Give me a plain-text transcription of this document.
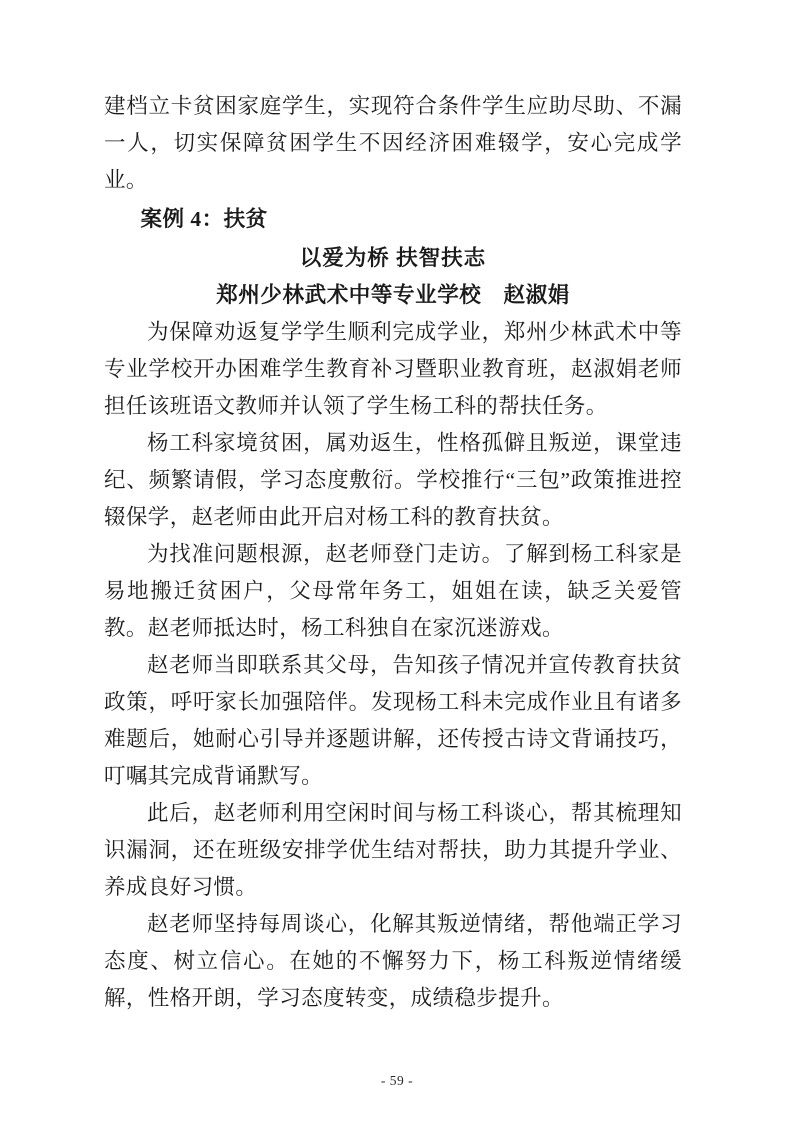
建档立卡贫困家庭学生，实现符合条件学生应助尽助、不漏一人，切实保障贫困学生不因经济困难辍学，安心完成学业。

案例 4：扶贫

以爱为桥 扶智扶志

郑州少林武术中等专业学校　赵淑娟

为保障劝返复学学生顺利完成学业，郑州少林武术中等专业学校开办困难学生教育补习暨职业教育班，赵淑娟老师担任该班语文教师并认领了学生杨工科的帮扶任务。

杨工科家境贫困，属劝返生，性格孤僻且叛逆，课堂违纪、频繁请假，学习态度敷衍。学校推行“三包”政策推进控辍保学，赵老师由此开启对杨工科的教育扶贫。

为找准问题根源，赵老师登门走访。了解到杨工科家是易地搬迁贫困户，父母常年务工，姐姐在读，缺乏关爱管教。赵老师抵达时，杨工科独自在家沉迷游戏。

赵老师当即联系其父母，告知孩子情况并宣传教育扶贫政策，呼吁家长加强陪伴。发现杨工科未完成作业且有诸多难题后，她耐心引导并逐题讲解，还传授古诗文背诵技巧，叮嘱其完成背诵默写。

此后，赵老师利用空闲时间与杨工科谈心，帮其梳理知识漏洞，还在班级安排学优生结对帮扶，助力其提升学业、养成良好习惯。

赵老师坚持每周谈心，化解其叛逆情绪，帮他端正学习态度、树立信心。在她的不懈努力下，杨工科叛逆情绪缓解，性格开朗，学习态度转变，成绩稳步提升。

- 59 -
